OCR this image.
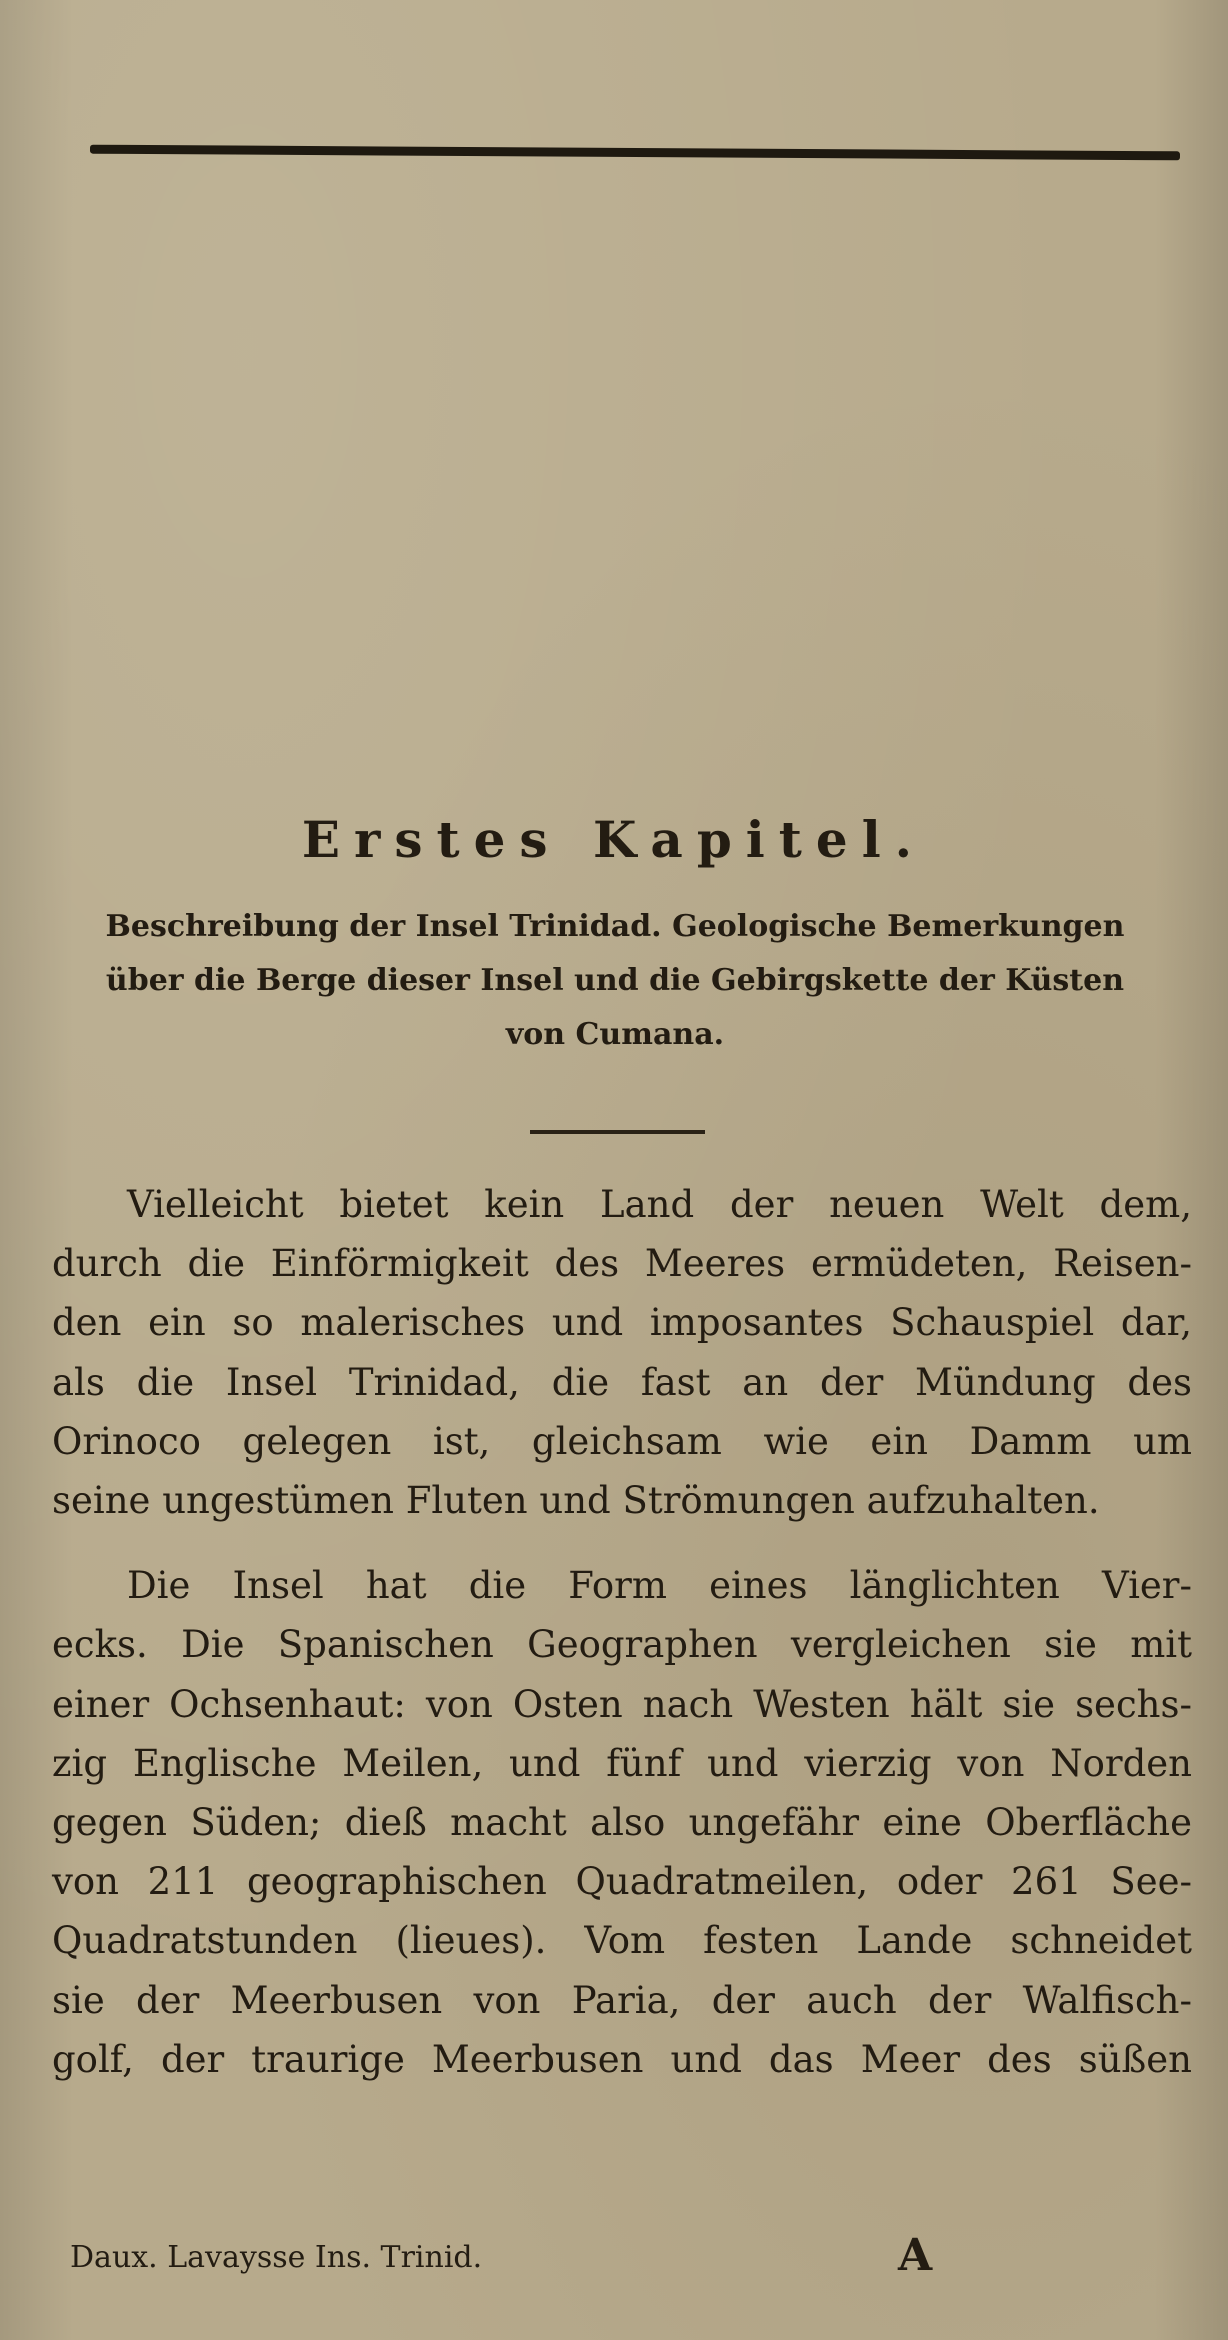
Erstes Kapitel.
Beschreibung der Insel Trinidad. Geologische Bemerkungen
über die Berge dieser Insel und die Gebirgskette der Küsten
von Cumana.
Vielleicht bietet kein Land der neuen Welt dem,
durch die Einförmigkeit des Meeres ermüdeten, Reisen-
den ein so malerisches und imposantes Schauspiel dar,
als die Insel Trinidad, die fast an der Mündung des
Orinoco gelegen ist, gleichsam wie ein Damm um
seine ungestümen Fluten und Strömungen aufzuhalten.
Die Insel hat die Form eines länglichten Vier-
ecks. Die Spanischen Geographen vergleichen sie mit
einer Ochsenhaut: von Osten nach Westen hält sie sechs-
zig Englische Meilen, und fünf und vierzig von Norden
gegen Süden; dieß macht also ungefähr eine Oberfläche
von 211 geographischen Quadratmeilen, oder 261 See-
Quadratstunden (lieues). Vom festen Lande schneidet
sie der Meerbusen von Paria, der auch der Walfisch-
golf, der traurige Meerbusen und das Meer des süßen
Daux. Lavaysse Ins. Trinid.	A
